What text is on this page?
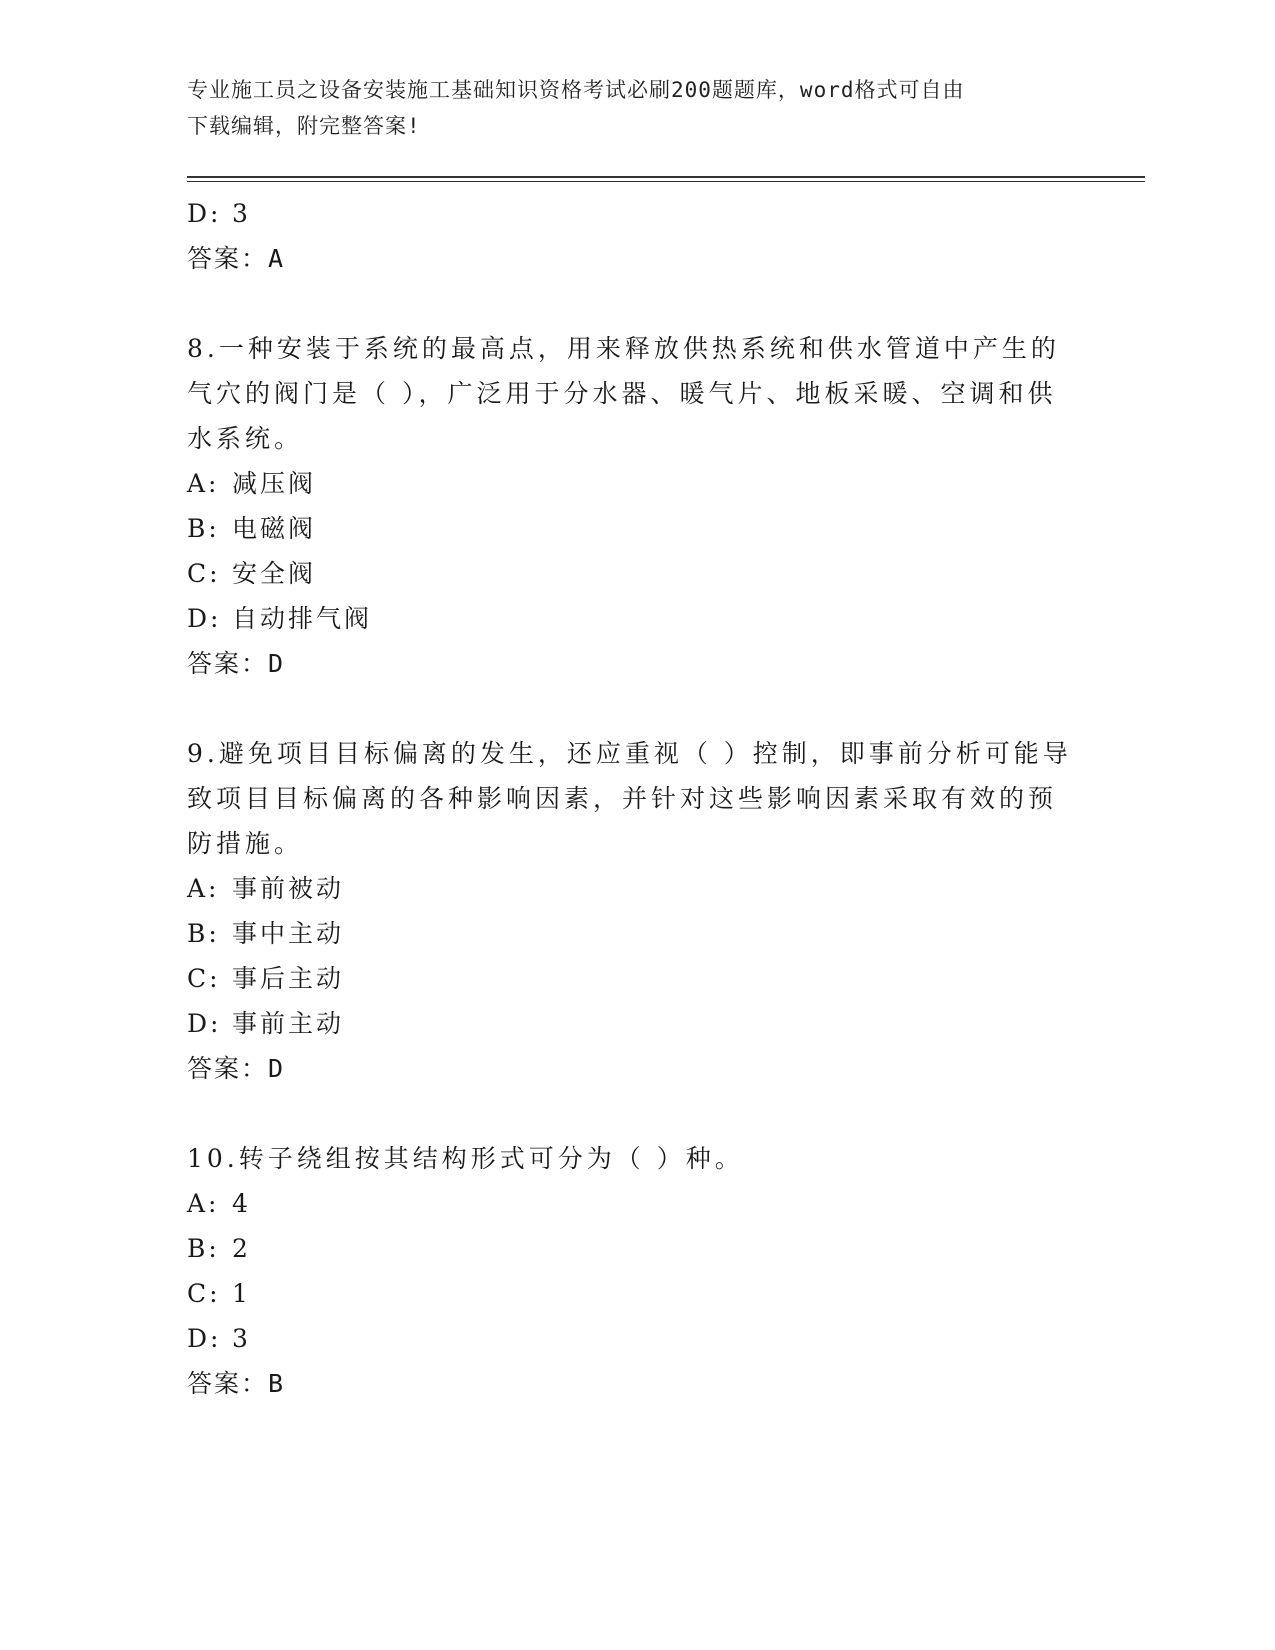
专业施工员之设备安装施工基础知识资格考试必刷200题题库，word格式可自由
下载编辑，附完整答案!
D: 3
答案：A
8.一种安装于系统的最高点，用来释放供热系统和供水管道中产生的
气穴的阀门是（ ），广泛用于分水器、暖气片、地板采暖、空调和供
水系统。
A: 减压阀
B: 电磁阀
C: 安全阀
D: 自动排气阀
答案：D
9.避免项目目标偏离的发生，还应重视（ ）控制，即事前分析可能导
致项目目标偏离的各种影响因素，并针对这些影响因素采取有效的预
防措施。
A: 事前被动
B: 事中主动
C: 事后主动
D: 事前主动
答案：D
10.转子绕组按其结构形式可分为（ ）种。
A: 4
B: 2
C: 1
D: 3
答案：B
